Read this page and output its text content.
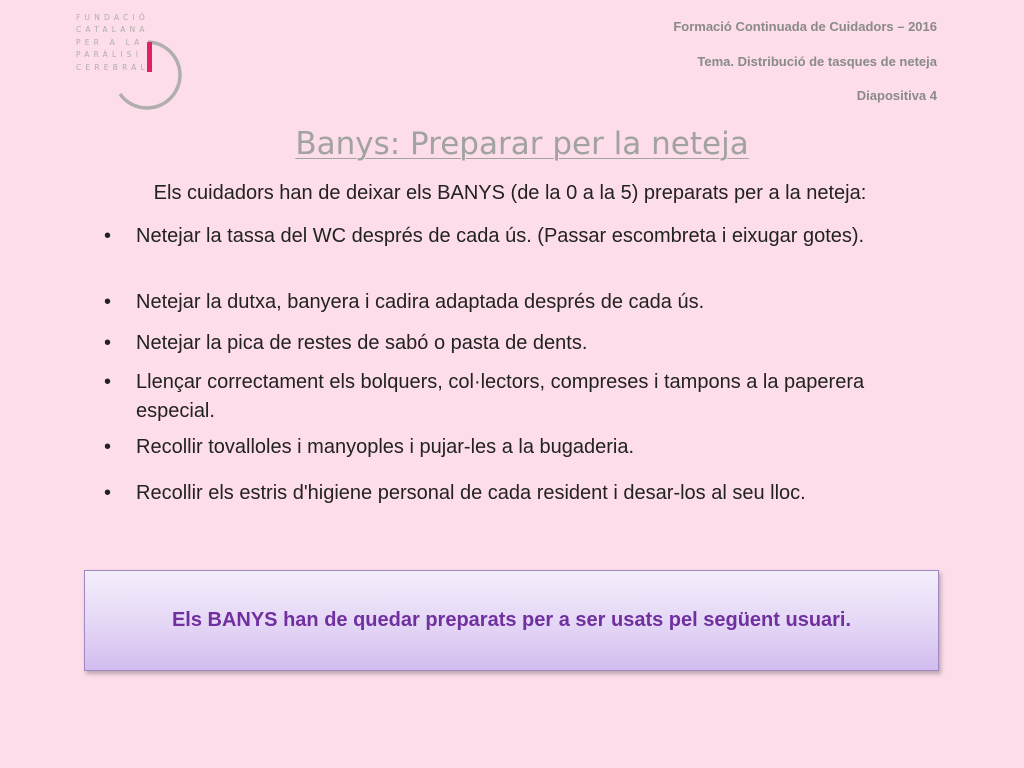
FUNDACIÓ
CATALANA
PER A LA
PARÀLISI
CEREBRAL
Formació Continuada de Cuidadors – 2016
Tema. Distribució de tasques de neteja
Diapositiva 4
Banys: Preparar per la neteja
Els cuidadors han de deixar els BANYS (de la 0 a la 5) preparats per a la neteja:
•	Netejar la tassa del WC després de cada ús. (Passar escombreta i eixugar gotes).
•	Netejar la dutxa, banyera i cadira adaptada després de cada ús.
•	Netejar la pica de restes de sabó o pasta de dents.
•	Llençar correctament els bolquers, col·lectors, compreses i tampons a la paperera especial.
•	Recollir tovalloles i manyoples i pujar-les a la bugaderia.
•	Recollir els estris d'higiene personal de cada resident i desar-los al seu lloc.
Els BANYS han de quedar preparats per a ser usats pel següent usuari.
